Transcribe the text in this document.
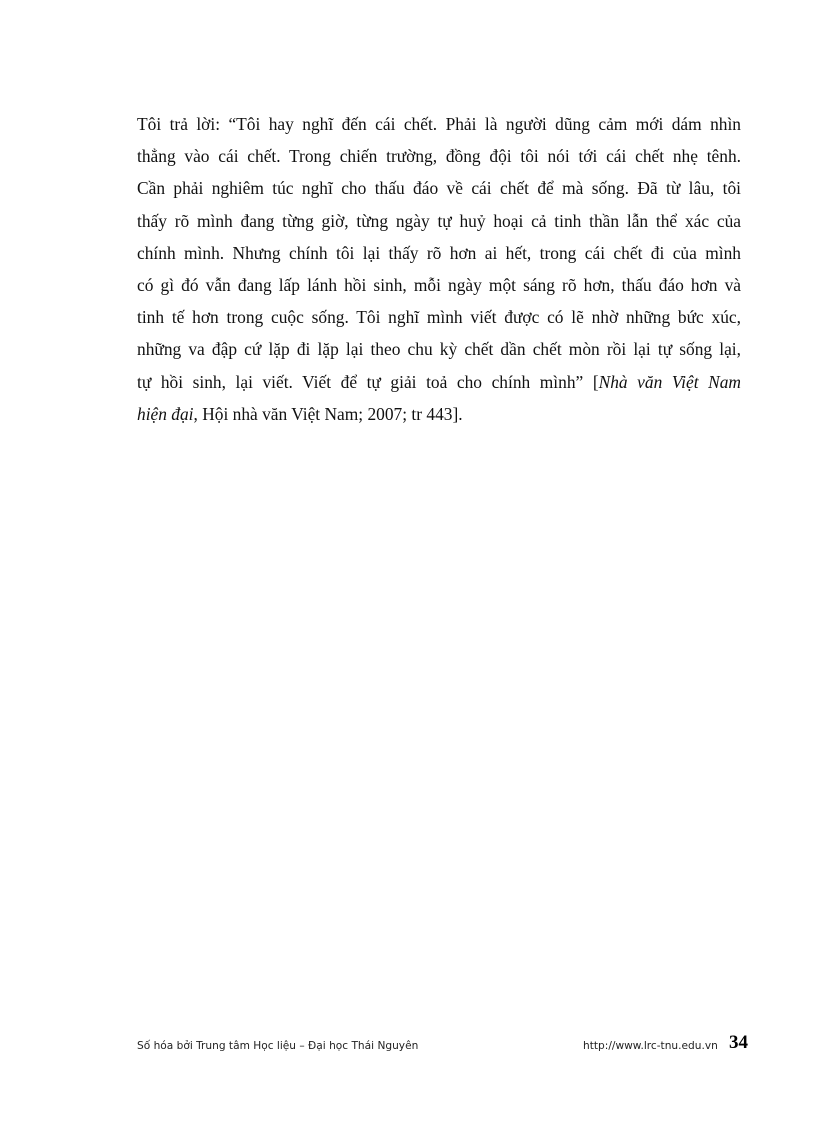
Tôi trả lời: “Tôi hay nghĩ đến cái chết. Phải là người dũng cảm mới dám nhìn
thẳng vào cái chết. Trong chiến trường, đồng đội tôi nói tới cái chết nhẹ tênh.
Cần phải nghiêm túc nghĩ cho thấu đáo về cái chết để mà sống. Đã từ lâu, tôi
thấy rõ mình đang từng giờ, từng ngày tự huỷ hoại cả tinh thần lẫn thể xác của
chính mình. Nhưng chính tôi lại thấy rõ hơn ai hết, trong cái chết đi của mình
có gì đó vẫn đang lấp lánh hồi sinh, mỗi ngày một sáng rõ hơn, thấu đáo hơn và
tinh tế hơn trong cuộc sống. Tôi nghĩ mình viết được có lẽ nhờ những bức xúc,
những va đập cứ lặp đi lặp lại theo chu kỳ chết dần chết mòn rồi lại tự sống lại,
tự hồi sinh, lại viết. Viết để tự giải toả cho chính mình” [Nhà văn Việt Nam
hiện đại, Hội nhà văn Việt Nam; 2007; tr 443].
Số hóa bởi Trung tâm Học liệu – Đại học Thái Nguyên	http://www.lrc-tnu.edu.vn 34
